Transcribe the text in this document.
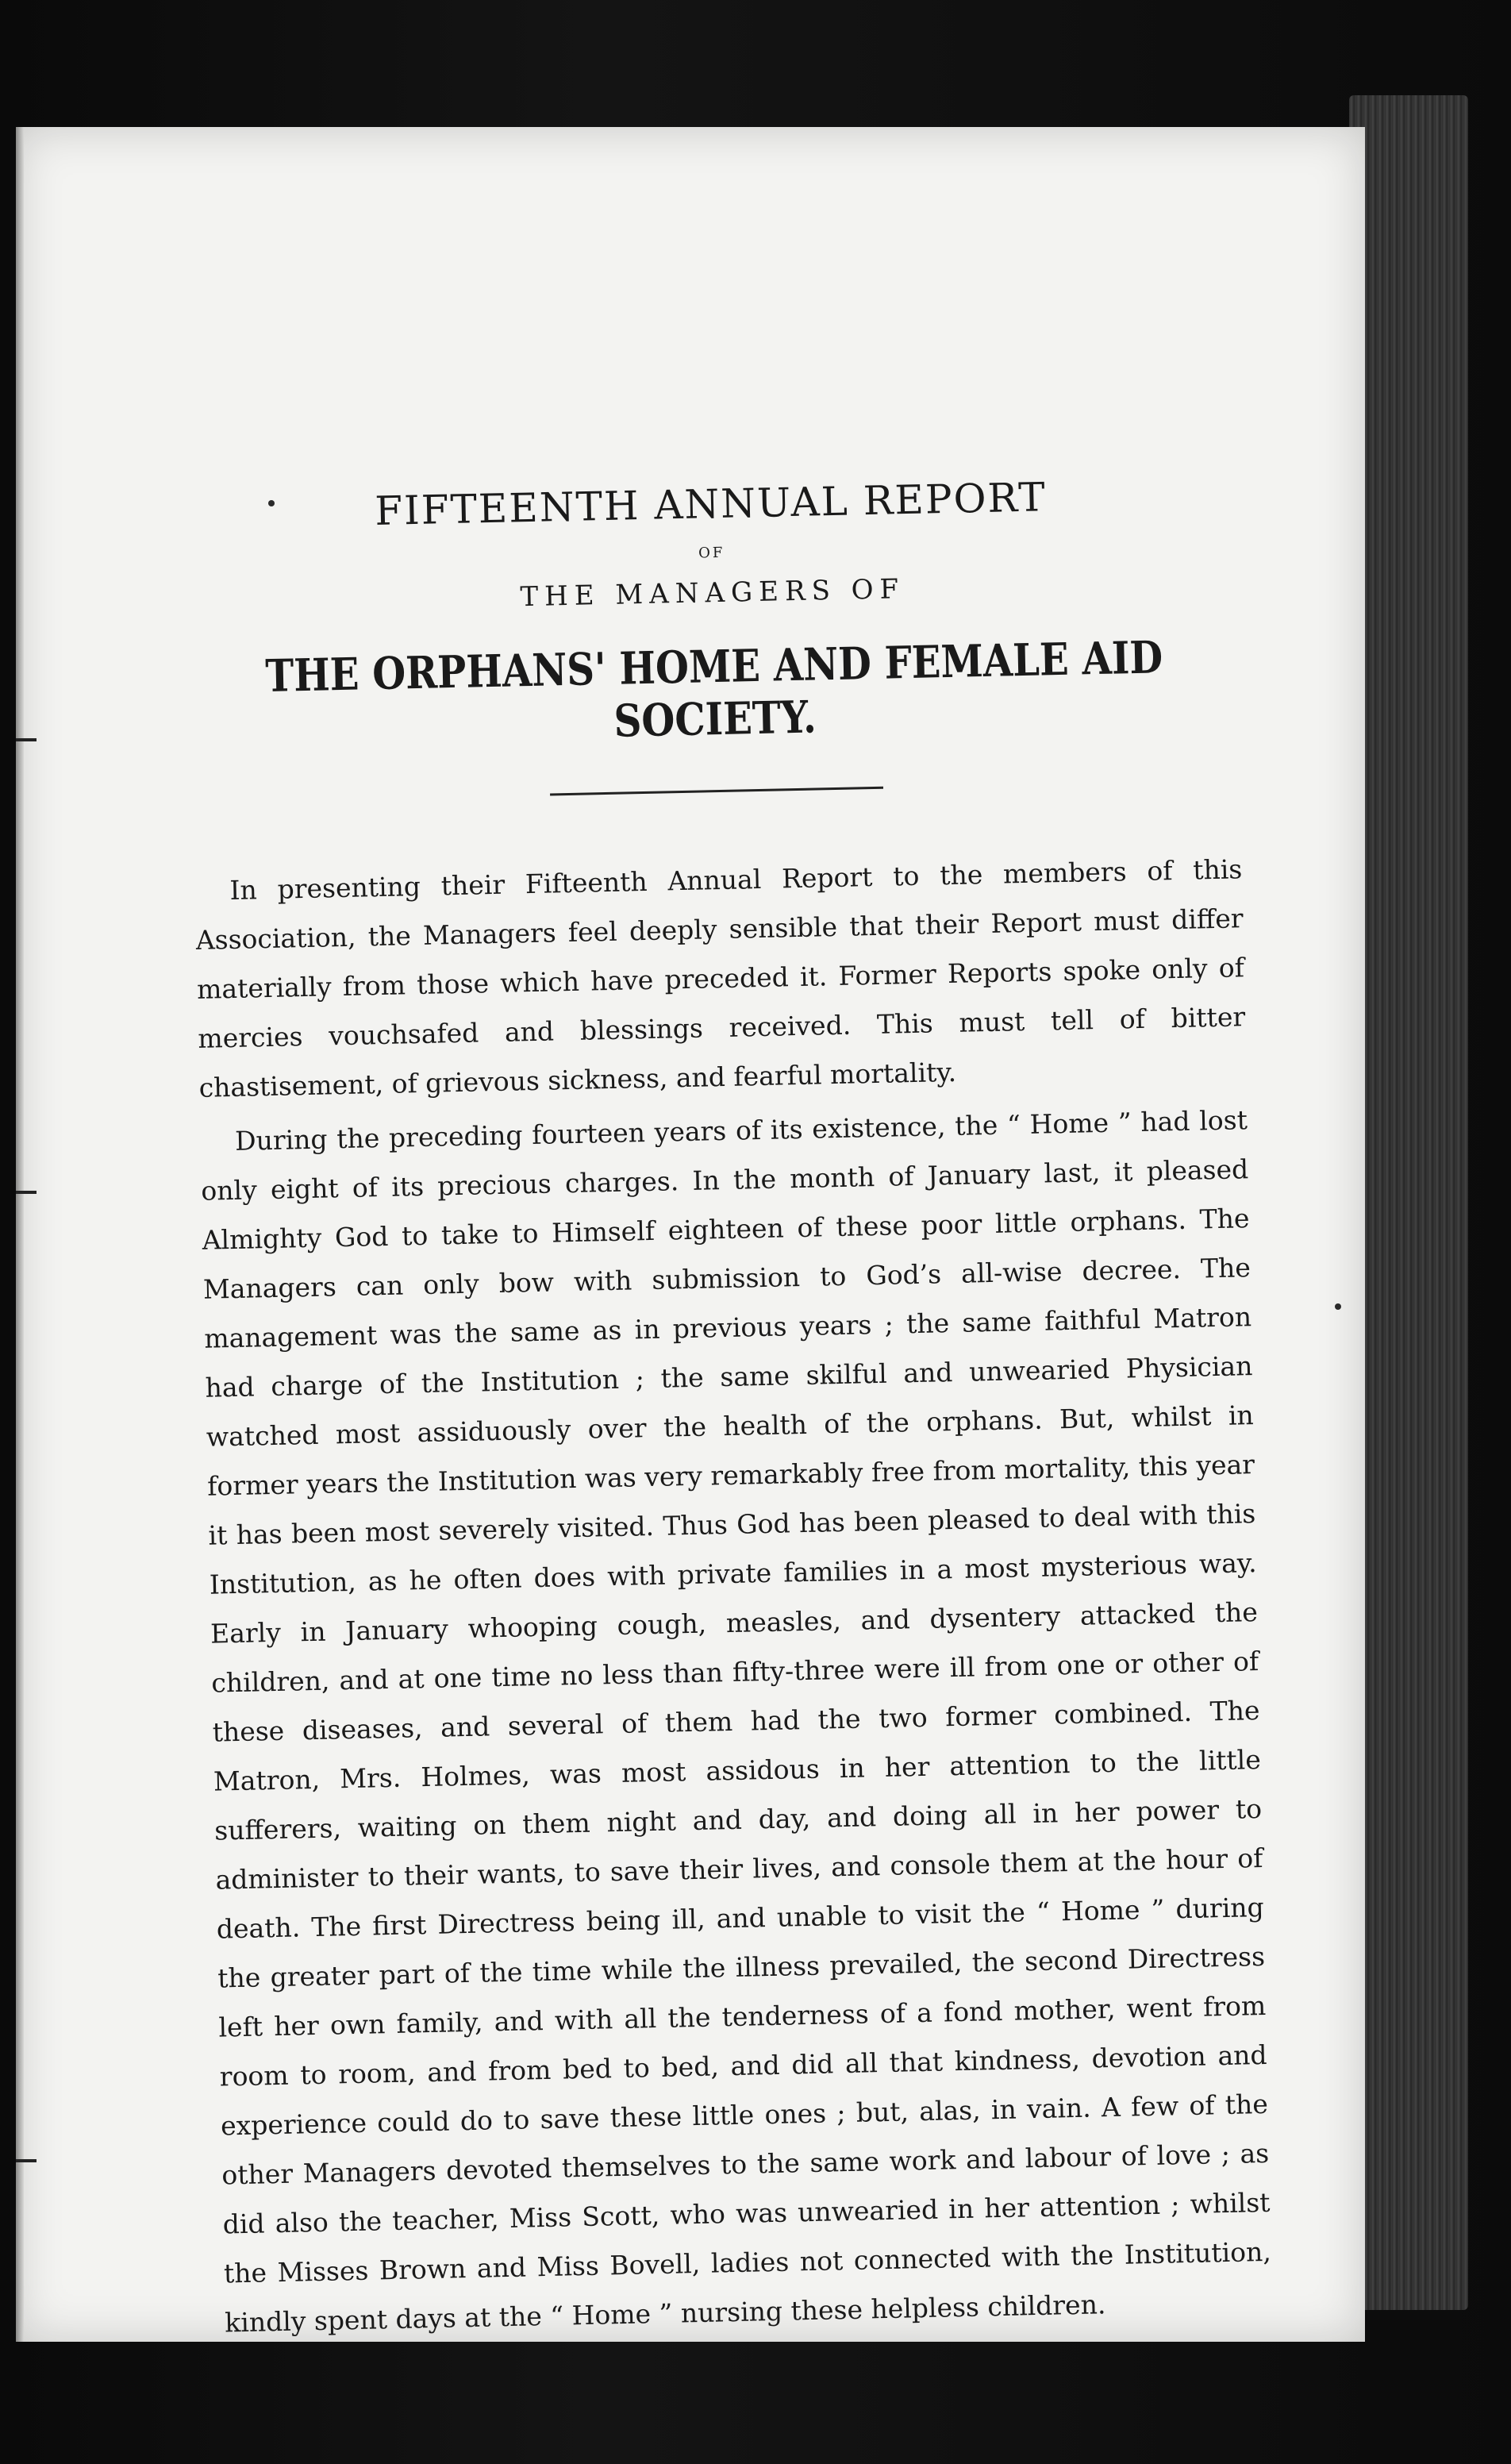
FIFTEENTH ANNUAL REPORT
OF
THE MANAGERS OF
THE ORPHANS' HOME AND FEMALE AID SOCIETY.

In presenting their Fifteenth Annual Report to the members of this Association, the Managers feel deeply sensible that their Report must differ materially from those which have preceded it. Former Reports spoke only of mercies vouchsafed and blessings received. This must tell of bitter chastisement, of grievous sickness, and fearful mortality.

During the preceding fourteen years of its existence, the “ Home ” had lost only eight of its precious charges. In the month of January last, it pleased Almighty God to take to Himself eighteen of these poor little orphans. The Managers can only bow with submission to God’s all-wise decree. The management was the same as in previous years ; the same faithful Matron had charge of the Institution ; the same skilful and unwearied Physician watched most assiduously over the health of the orphans. But, whilst in former years the Institution was very remarkably free from mortality, this year it has been most severely visited. Thus God has been pleased to deal with this Institution, as he often does with private families in a most mysterious way. Early in January whooping cough, measles, and dysentery attacked the children, and at one time no less than fifty-three were ill from one or other of these diseases, and several of them had the two former combined. The Matron, Mrs. Holmes, was most assidous in her attention to the little sufferers, waiting on them night and day, and doing all in her power to administer to their wants, to save their lives, and console them at the hour of death. The first Directress being ill, and unable to visit the “ Home ” during the greater part of the time while the illness prevailed, the second Directress left her own family, and with all the tenderness of a fond mother, went from room to room, and from bed to bed, and did all that kindness, devotion and experience could do to save these little ones ; but, alas, in vain. A few of the other Managers devoted themselves to the same work and labour of love ; as did also the teacher, Miss Scott, who was unwearied in her attention ; whilst the Misses Brown and Miss Bovell, ladies not connected with the Institution, kindly spent days at the “ Home ” nursing these helpless children.
